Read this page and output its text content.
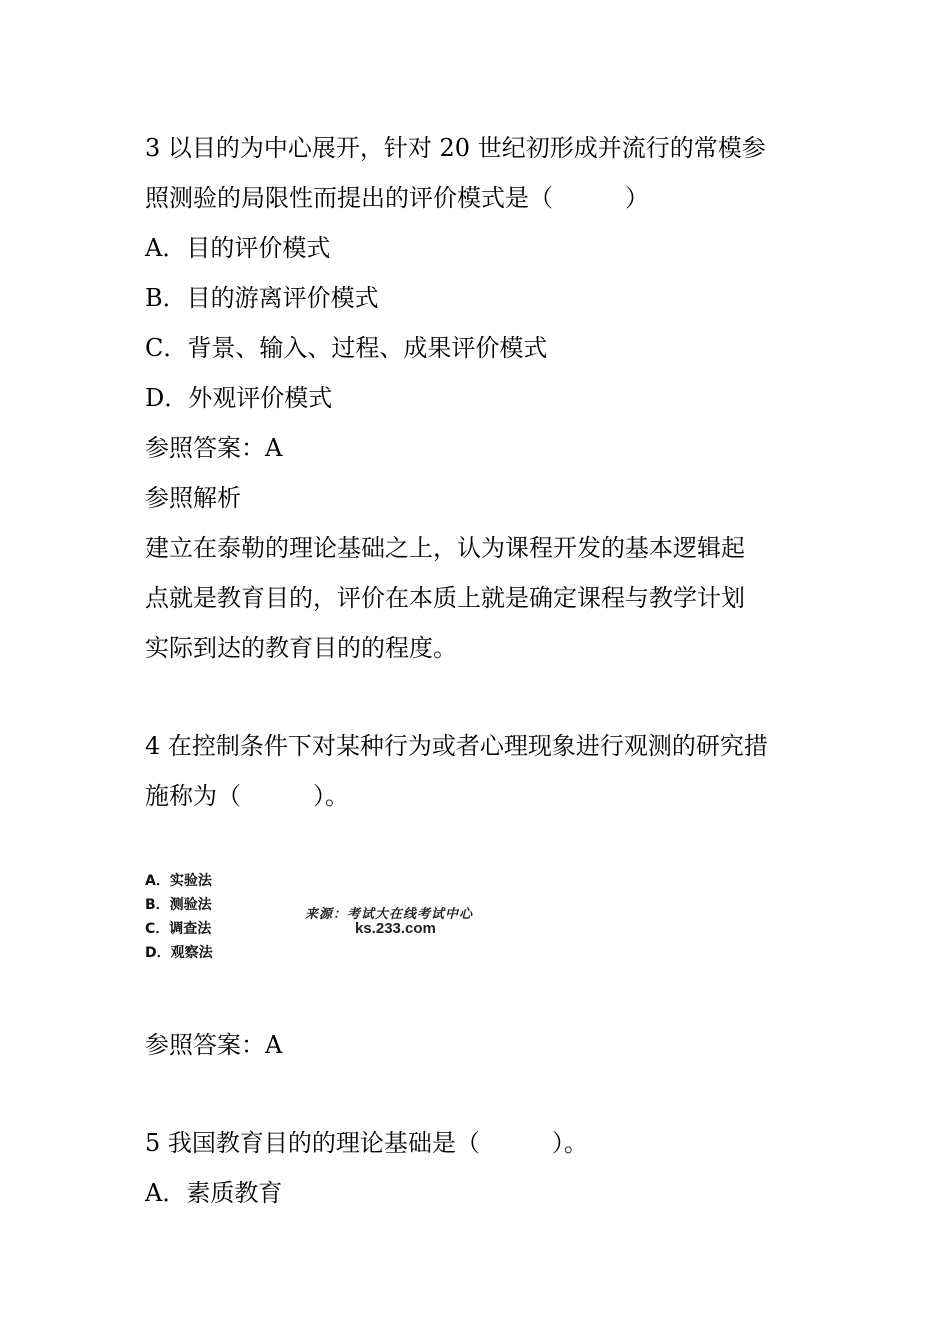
3 以目的为中心展开，针对 20 世纪初形成并流行的常模参
照测验的局限性而提出的评价模式是（　　　）
A．目的评价模式
B．目的游离评价模式
C．背景、输入、过程、成果评价模式
D．外观评价模式
参照答案：A
参照解析
建立在泰勒的理论基础之上，认为课程开发的基本逻辑起
点就是教育目的，评价在本质上就是确定课程与教学计划
实际到达的教育目的的程度。
4 在控制条件下对某种行为或者心理现象进行观测的研究措
施称为（　　　）。
A．实验法
B．测验法
C．调查法
D．观察法
来源：考试大在线考试中心
ks.233.com
参照答案：A
5 我国教育目的的理论基础是（　　　）。
A．素质教育
